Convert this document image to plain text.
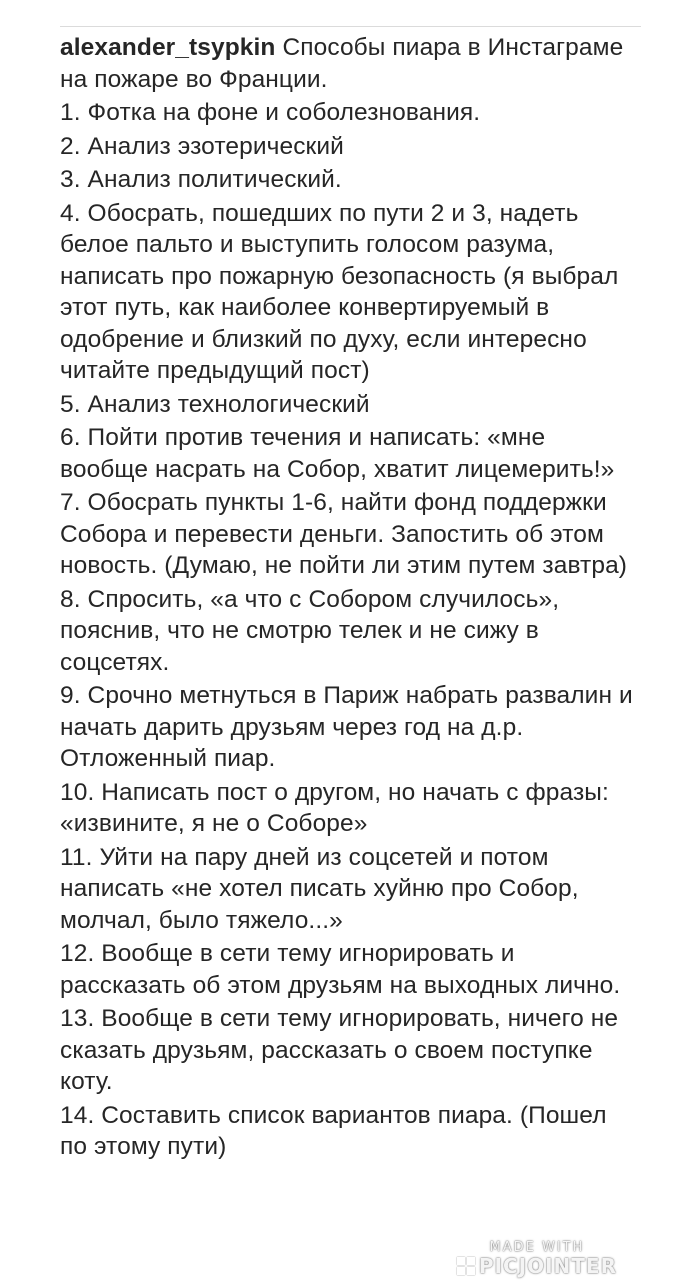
alexander_tsypkin Способы пиара в Инстаграме на пожаре во Франции.

1. Фотка на фоне и соболезнования.

2. Анализ эзотерический

3. Анализ политический.

4. Обосрать, пошедших по пути 2 и 3, надеть белое пальто и выступить голосом разума, написать про пожарную безопасность (я выбрал этот путь, как наиболее конвертируемый в одобрение и близкий по духу, если интересно читайте предыдущий пост)

5. Анализ технологический

6. Пойти против течения и написать: «мне вообще насрать на Собор, хватит лицемерить!»

7. Обосрать пункты 1-6, найти фонд поддержки Собора и перевести деньги. Запостить об этом новость. (Думаю, не пойти ли этим путем завтра)

8. Спросить, «а что с Собором случилось», пояснив, что не смотрю телек и не сижу в соцсетях.

9. Срочно метнуться в Париж набрать развалин и начать дарить друзьям через год на д.р. Отложенный пиар.

10. Написать пост о другом, но начать с фразы: «извините, я не о Соборе»

11. Уйти на пару дней из соцсетей и потом написать «не хотел писать хуйню про Собор, молчал, было тяжело...»

12. Вообще в сети тему игнорировать и рассказать об этом друзьям на выходных лично.

13. Вообще в сети тему игнорировать, ничего не сказать друзьям, рассказать о своем поступке коту.

14. Составить список вариантов пиара. (Пошел по этому пути)

MADE WITH
PICJOINTER
